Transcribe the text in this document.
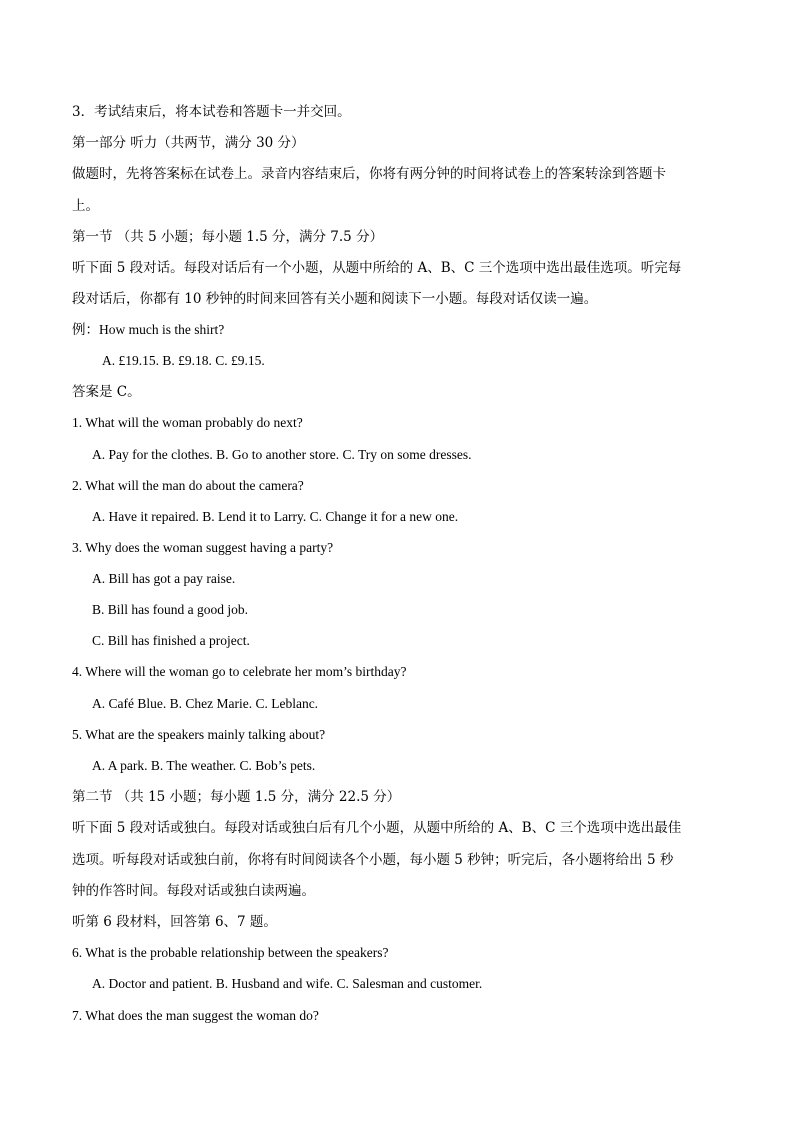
3．考试结束后，将本试卷和答题卡一并交回。
第一部分 听力（共两节，满分 30 分）
做题时，先将答案标在试卷上。录音内容结束后，你将有两分钟的时间将试卷上的答案转涂到答题卡
上。
第一节 （共 5 小题；每小题 1.5 分，满分 7.5 分）
听下面 5 段对话。每段对话后有一个小题，从题中所给的 A、B、C 三个选项中选出最佳选项。听完每
段对话后，你都有 10 秒钟的时间来回答有关小题和阅读下一小题。每段对话仅读一遍。
例：How much is the shirt?
A. £19.15. B. £9.18. C. £9.15.
答案是 C。
1. What will the woman probably do next?
A. Pay for the clothes. B. Go to another store. C. Try on some dresses.
2. What will the man do about the camera?
A. Have it repaired. B. Lend it to Larry. C. Change it for a new one.
3. Why does the woman suggest having a party?
A. Bill has got a pay raise.
B. Bill has found a good job.
C. Bill has finished a project.
4. Where will the woman go to celebrate her mom’s birthday?
A. Café Blue. B. Chez Marie. C. Leblanc.
5. What are the speakers mainly talking about?
A. A park. B. The weather. C. Bob’s pets.
第二节 （共 15 小题；每小题 1.5 分，满分 22.5 分）
听下面 5 段对话或独白。每段对话或独白后有几个小题，从题中所给的 A、B、C 三个选项中选出最佳
选项。听每段对话或独白前，你将有时间阅读各个小题，每小题 5 秒钟；听完后，各小题将给出 5 秒
钟的作答时间。每段对话或独白读两遍。
听第 6 段材料，回答第 6、7 题。
6. What is the probable relationship between the speakers?
A. Doctor and patient. B. Husband and wife. C. Salesman and customer.
7. What does the man suggest the woman do?
